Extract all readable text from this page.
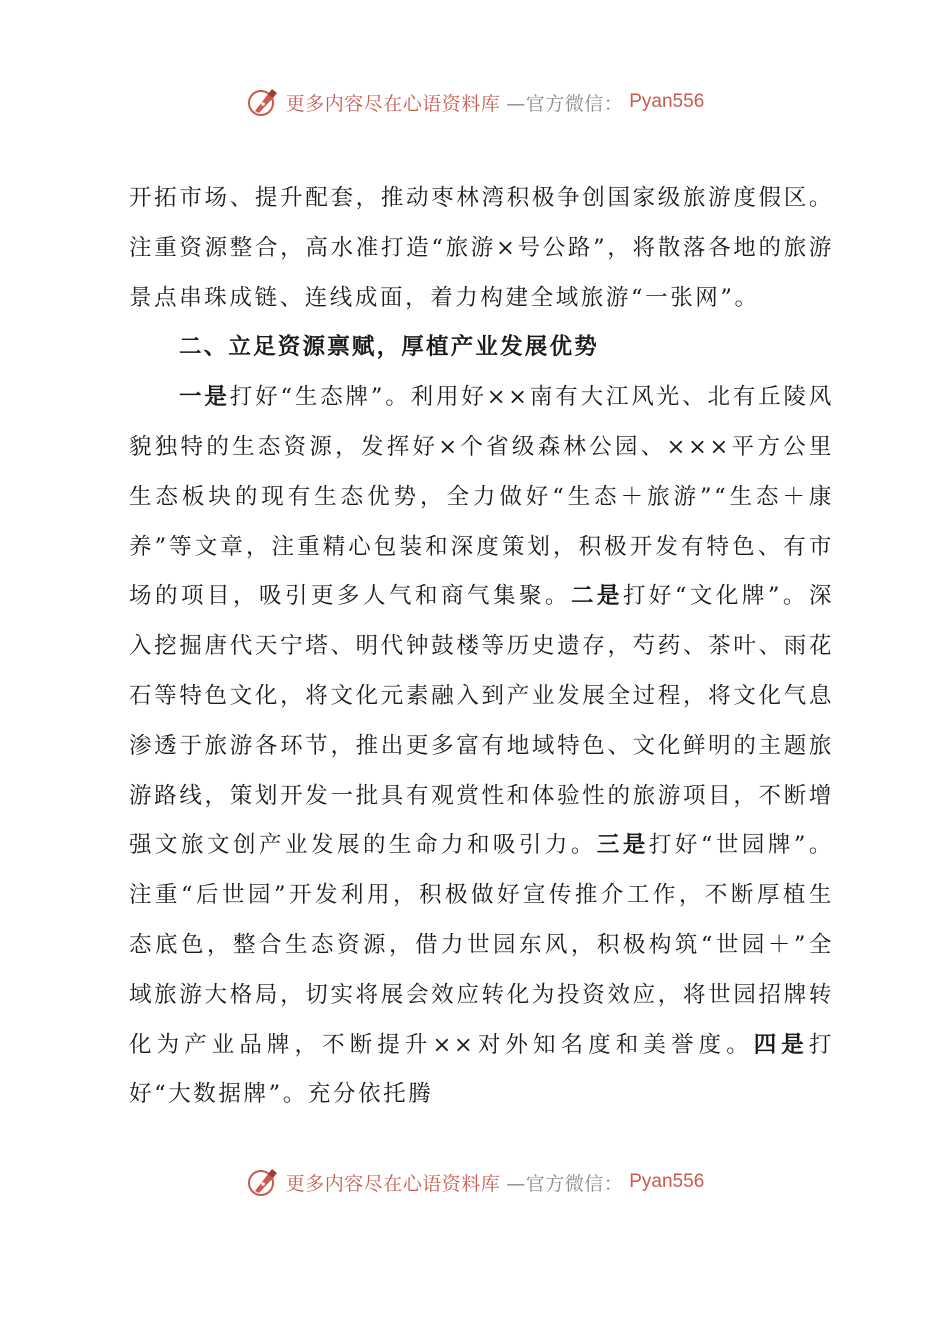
更多内容尽在心语资料库 —官方微信： Pyan556

开拓市场、提升配套，推动枣林湾积极争创国家级旅游度假区。注重资源整合，高水准打造“旅游×号公路”，将散落各地的旅游景点串珠成链、连线成面，着力构建全域旅游“一张网”。

二、立足资源禀赋，厚植产业发展优势

一是打好“生态牌”。利用好××南有大江风光、北有丘陵风貌独特的生态资源，发挥好×个省级森林公园、×××平方公里生态板块的现有生态优势，全力做好“生态＋旅游”“生态＋康养”等文章，注重精心包装和深度策划，积极开发有特色、有市场的项目，吸引更多人气和商气集聚。二是打好“文化牌”。深入挖掘唐代天宁塔、明代钟鼓楼等历史遗存，芍药、茶叶、雨花石等特色文化，将文化元素融入到产业发展全过程，将文化气息渗透于旅游各环节，推出更多富有地域特色、文化鲜明的主题旅游路线，策划开发一批具有观赏性和体验性的旅游项目，不断增强文旅文创产业发展的生命力和吸引力。三是打好“世园牌”。注重“后世园”开发利用，积极做好宣传推介工作，不断厚植生态底色，整合生态资源，借力世园东风，积极构筑“世园＋”全域旅游大格局，切实将展会效应转化为投资效应，将世园招牌转化为产业品牌，不断提升××对外知名度和美誉度。四是打好“大数据牌”。充分依托腾

更多内容尽在心语资料库 —官方微信： Pyan556
